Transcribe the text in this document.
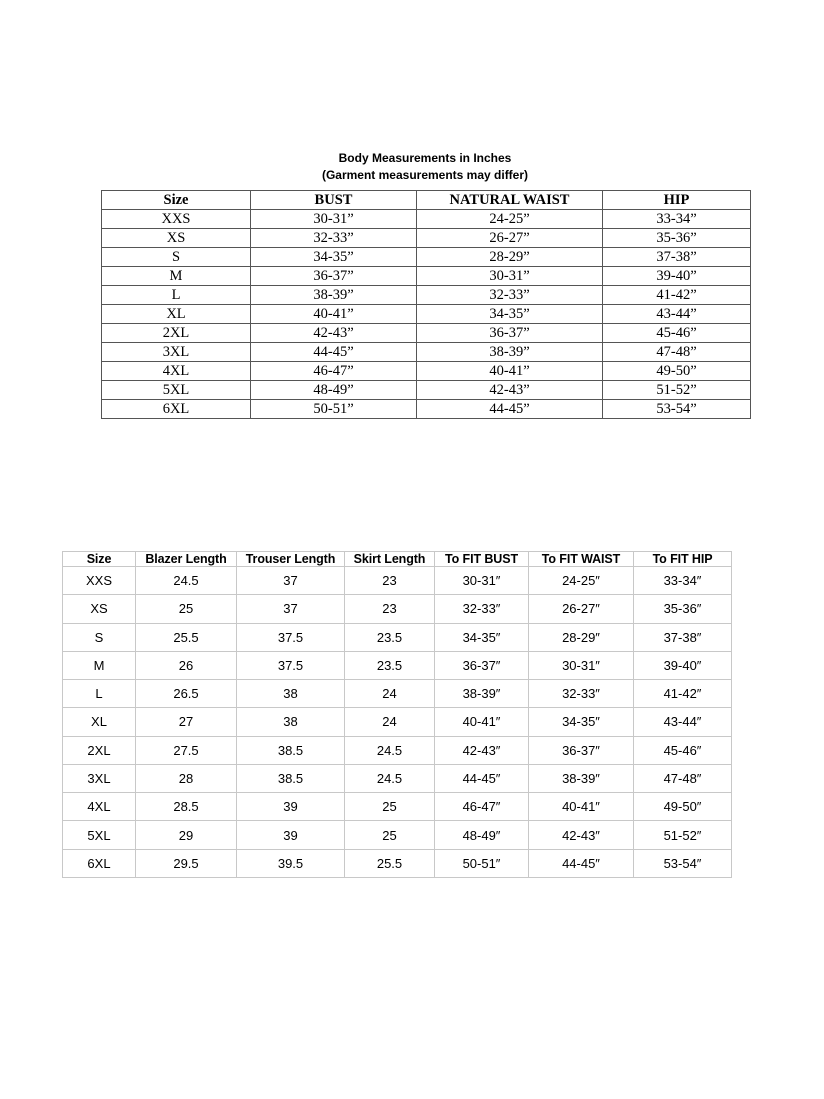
Body Measurements in Inches
(Garment measurements may differ)
Size	BUST	NATURAL WAIST	HIP
XXS	30-31”	24-25”	33-34”
XS	32-33”	26-27”	35-36”
S	34-35”	28-29”	37-38”
M	36-37”	30-31”	39-40”
L	38-39”	32-33”	41-42”
XL	40-41”	34-35”	43-44”
2XL	42-43”	36-37”	45-46”
3XL	44-45”	38-39”	47-48”
4XL	46-47”	40-41”	49-50”
5XL	48-49”	42-43”	51-52”
6XL	50-51”	44-45”	53-54”
Size	Blazer Length	Trouser Length	Skirt Length	To FIT BUST	To FIT WAIST	To FIT HIP
XXS	24.5	37	23	30-31″	24-25″	33-34″
XS	25	37	23	32-33″	26-27″	35-36″
S	25.5	37.5	23.5	34-35″	28-29″	37-38″
M	26	37.5	23.5	36-37″	30-31″	39-40″
L	26.5	38	24	38-39″	32-33″	41-42″
XL	27	38	24	40-41″	34-35″	43-44″
2XL	27.5	38.5	24.5	42-43″	36-37″	45-46″
3XL	28	38.5	24.5	44-45″	38-39″	47-48″
4XL	28.5	39	25	46-47″	40-41″	49-50″
5XL	29	39	25	48-49″	42-43″	51-52″
6XL	29.5	39.5	25.5	50-51″	44-45″	53-54″
